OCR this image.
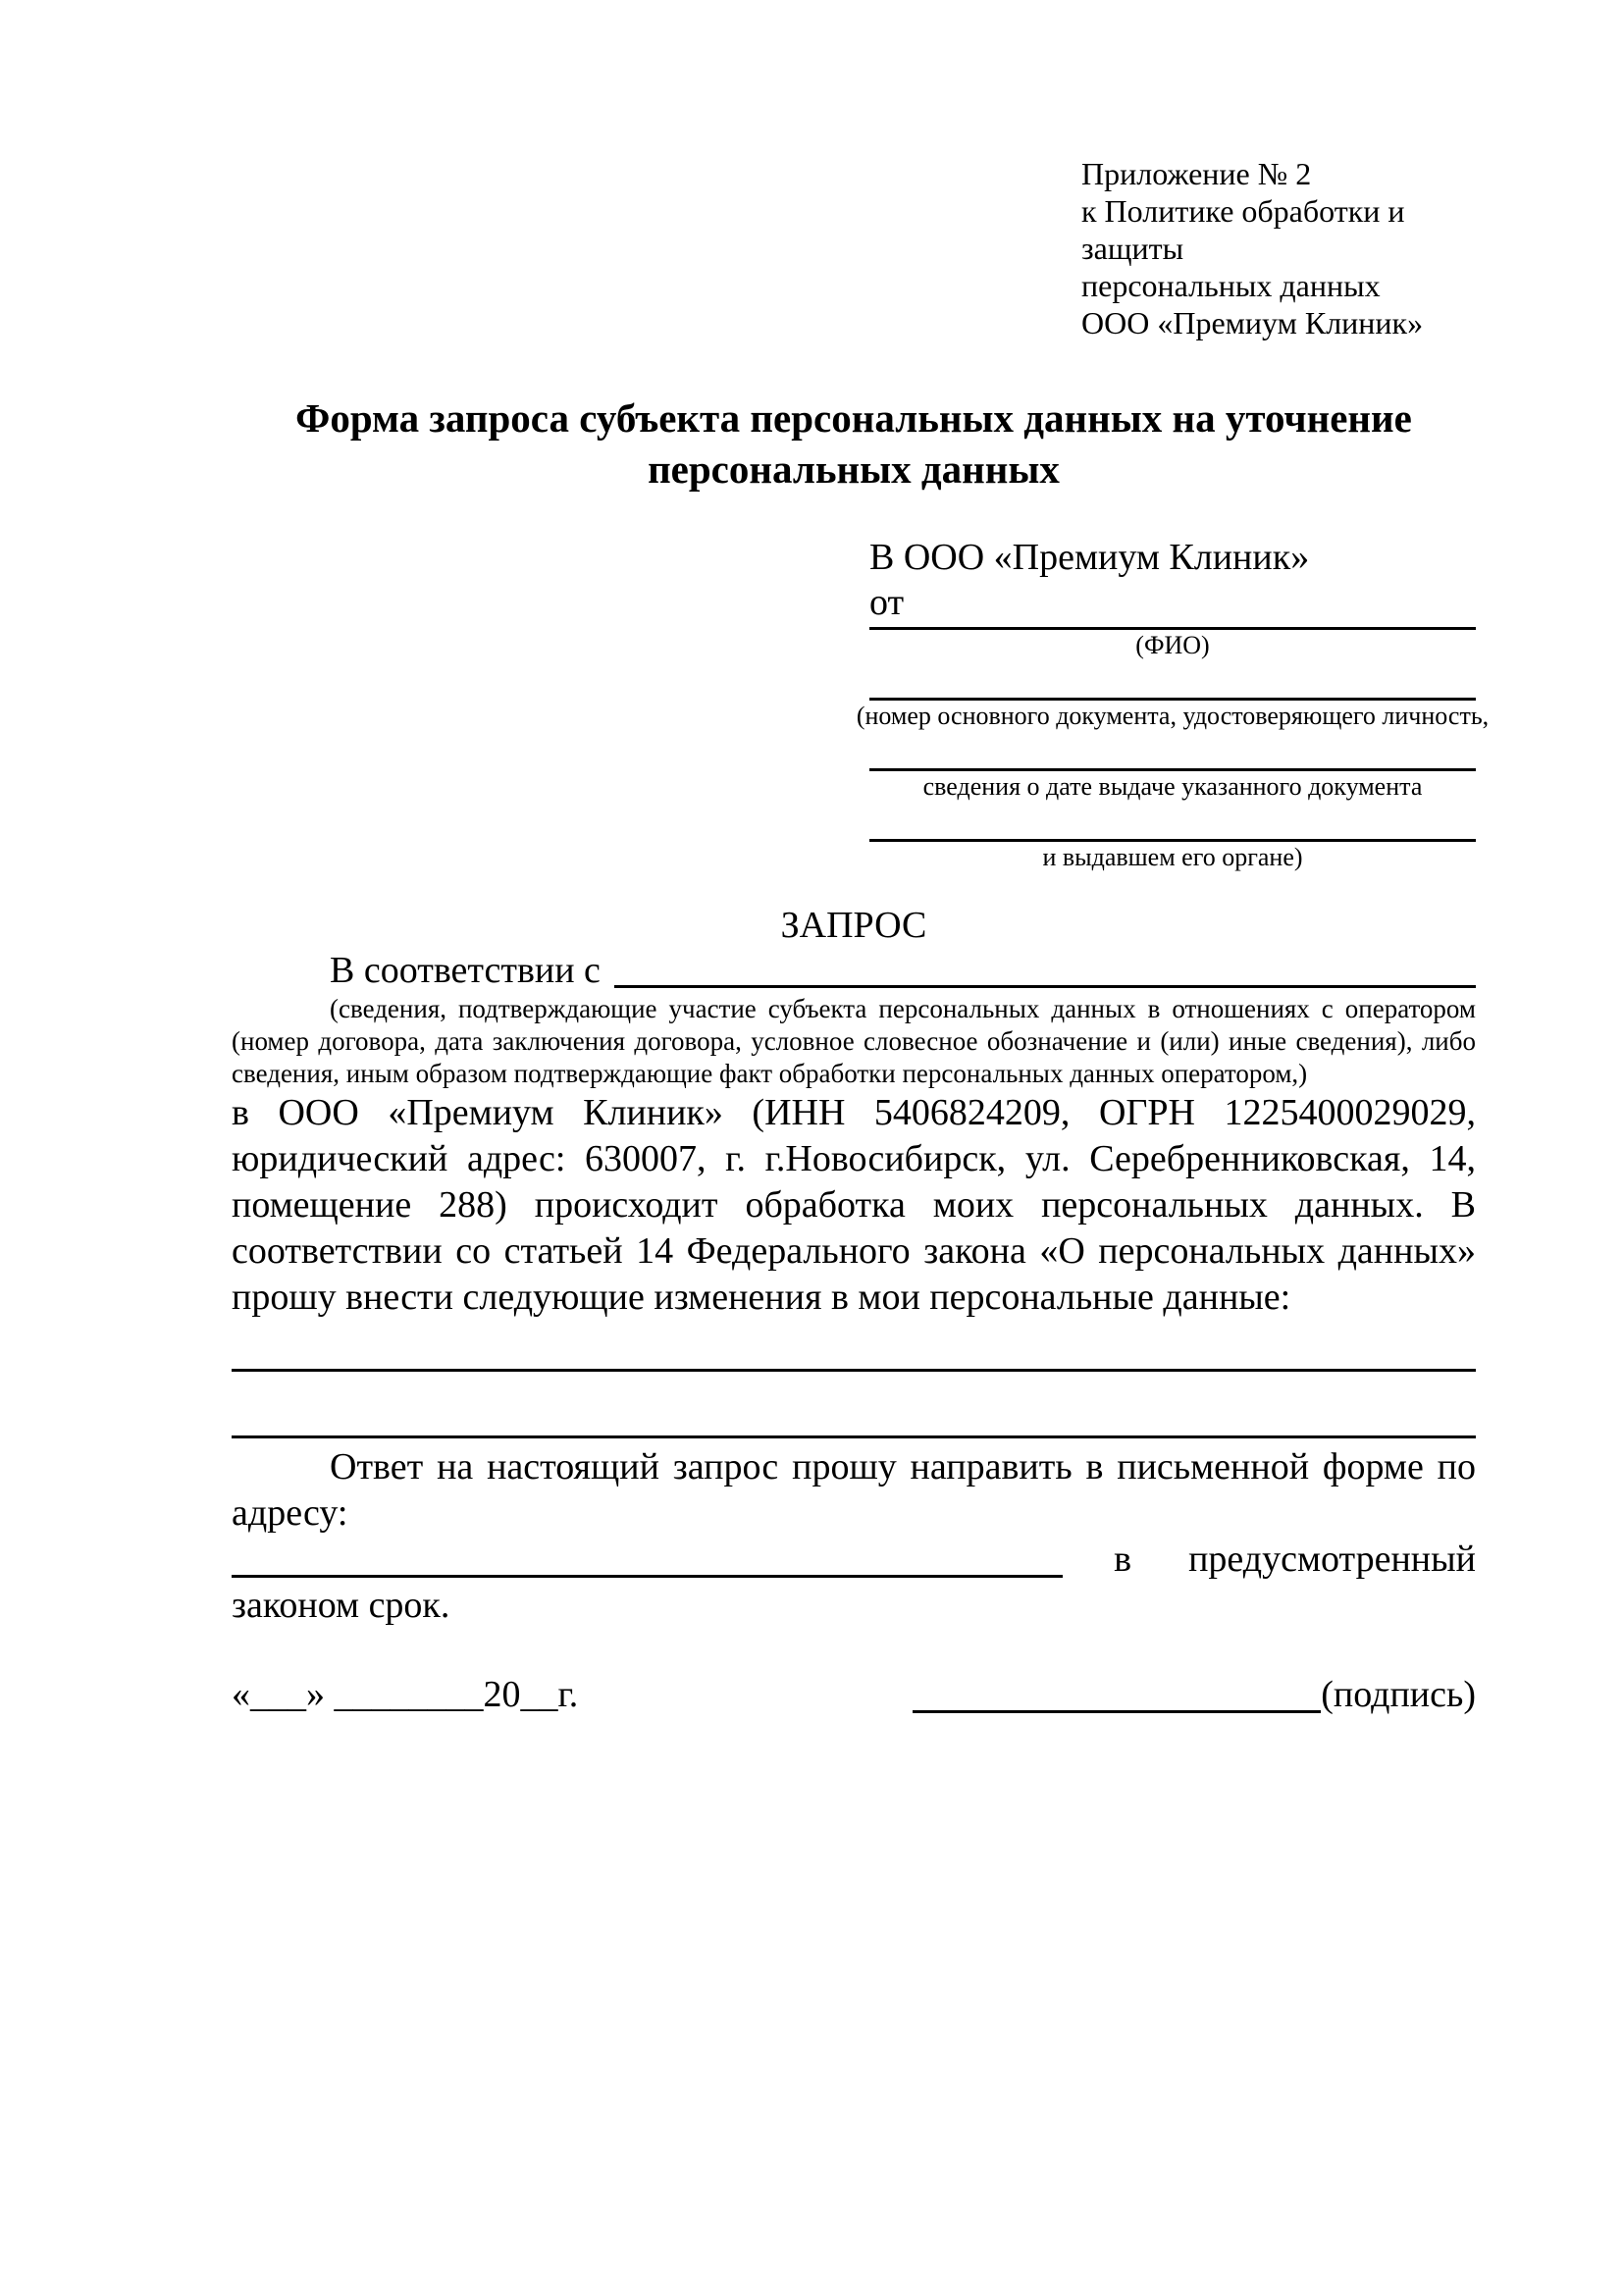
Приложение № 2
к Политике обработки и защиты
персональных данных
ООО «Премиум Клиник»
Форма запроса субъекта персональных данных на уточнение персональных данных
В ООО «Премиум Клиник»
от
(ФИО)
(номер основного документа, удостоверяющего личность,
сведения о дате выдаче указанного документа
и выдавшем его органе)
ЗАПРОС
В соответствии с
(сведения, подтверждающие участие субъекта персональных данных в отношениях с оператором (номер договора, дата заключения договора, условное словесное обозначение и (или) иные сведения), либо сведения, иным образом подтверждающие факт обработки персональных данных оператором,)
в ООО «Премиум Клиник» (ИНН 5406824209, ОГРН 1225400029029, юридический адрес: 630007, г. г.Новосибирск, ул. Серебренниковская, 14, помещение 288) происходит обработка моих персональных данных. В соответствии со статьей 14 Федерального закона «О персональных данных» прошу внести следующие изменения в мои персональные данные:
Ответ на настоящий запрос прошу направить в письменной форме по адресу:
в предусмотренный
законом срок.
«___» ________20__г.	(подпись)
